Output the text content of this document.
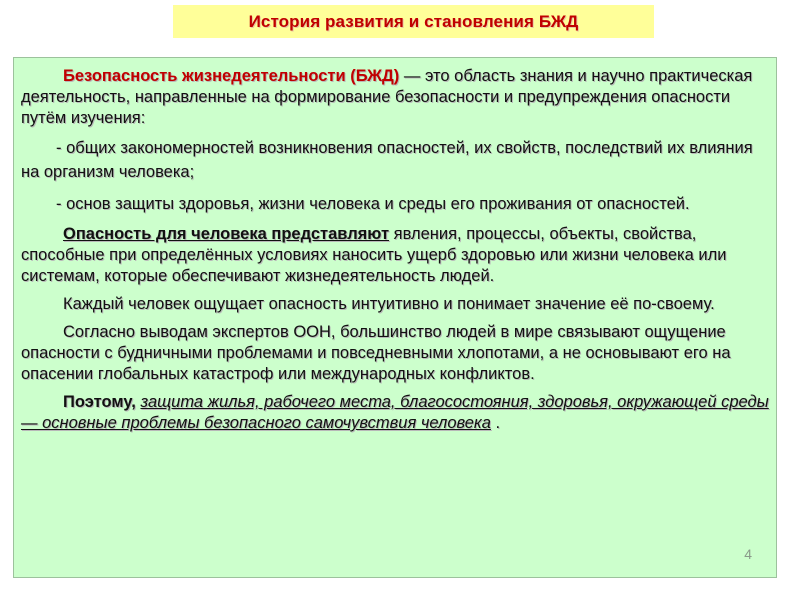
История развития и становления БЖД

Безопасность жизнедеятельности (БЖД) — это область знания и научно практическая деятельность, направленные на формирование безопасности и предупреждения опасности путём изучения:

- общих закономерностей возникновения опасностей, их свойств, последствий их влияния на организм человека;

- основ защиты здоровья, жизни человека и среды его проживания от опасностей.

Опасность для человека представляют явления, процессы, объекты, свойства, способные при определённых условиях наносить ущерб здоровью или жизни человека или системам, которые обеспечивают жизнедеятельность людей.

Каждый человек ощущает опасность интуитивно и понимает значение её по-своему.

Согласно выводам экспертов ООН, большинство людей в мире связывают ощущение опасности с будничными проблемами и повседневными хлопотами, а не основывают его на опасении глобальных катастроф или международных конфликтов.

Поэтому, защита жилья, рабочего места, благосостояния, здоровья, окружающей среды — основные проблемы безопасного самочувствия человека .

4
